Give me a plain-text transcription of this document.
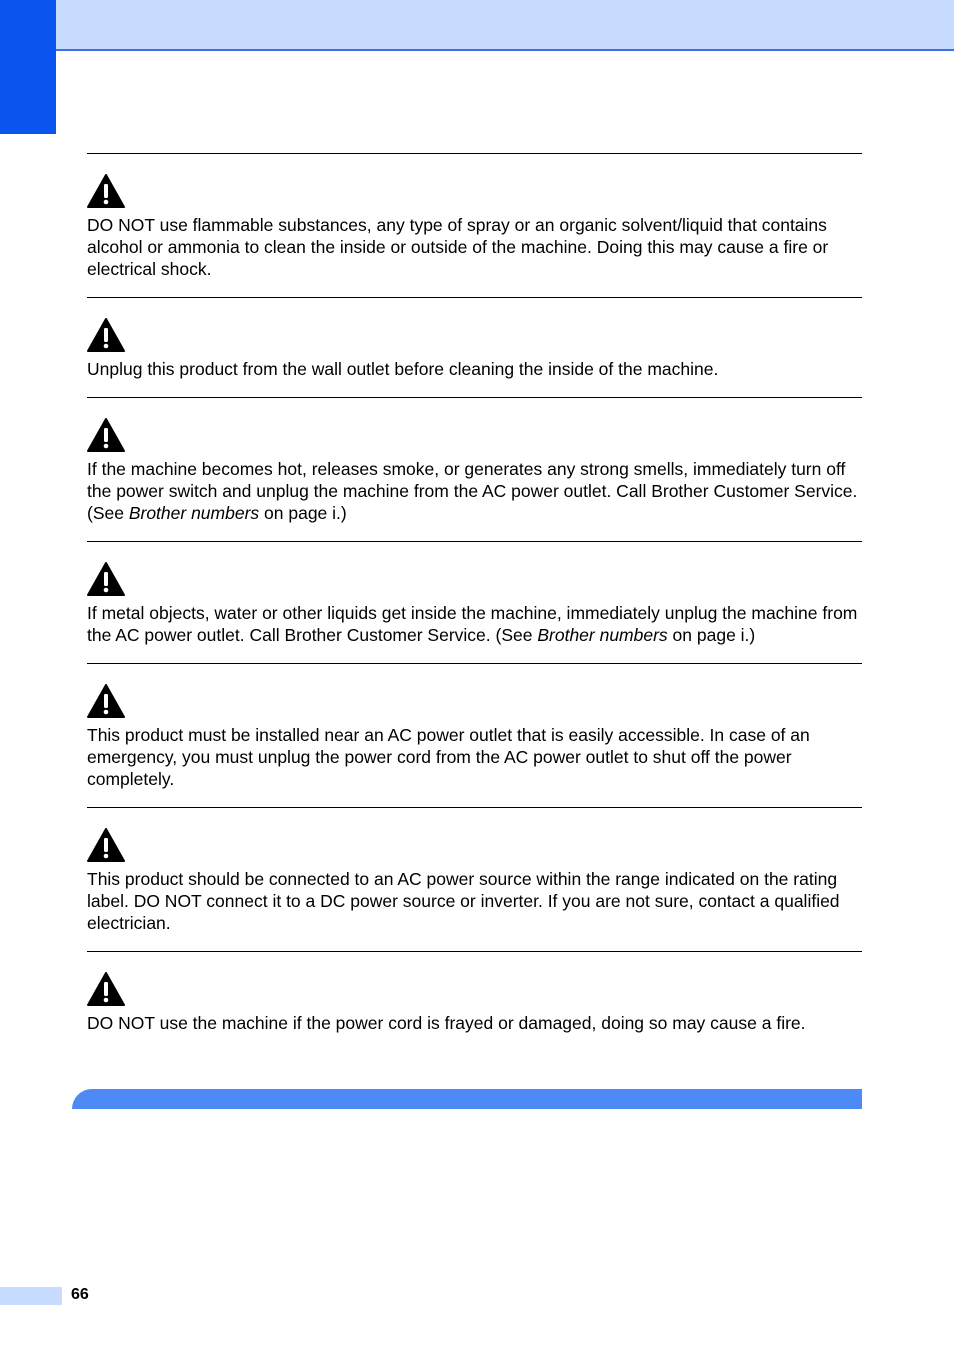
DO NOT use flammable substances, any type of spray or an organic solvent/liquid that contains alcohol or ammonia to clean the inside or outside of the machine. Doing this may cause a fire or electrical shock.

Unplug this product from the wall outlet before cleaning the inside of the machine.

If the machine becomes hot, releases smoke, or generates any strong smells, immediately turn off the power switch and unplug the machine from the AC power outlet. Call Brother Customer Service. (See Brother numbers on page i.)

If metal objects, water or other liquids get inside the machine, immediately unplug the machine from the AC power outlet. Call Brother Customer Service. (See Brother numbers on page i.)

This product must be installed near an AC power outlet that is easily accessible. In case of an emergency, you must unplug the power cord from the AC power outlet to shut off the power completely.

This product should be connected to an AC power source within the range indicated on the rating label. DO NOT connect it to a DC power source or inverter. If you are not sure, contact a qualified electrician.

DO NOT use the machine if the power cord is frayed or damaged, doing so may cause a fire.

66
